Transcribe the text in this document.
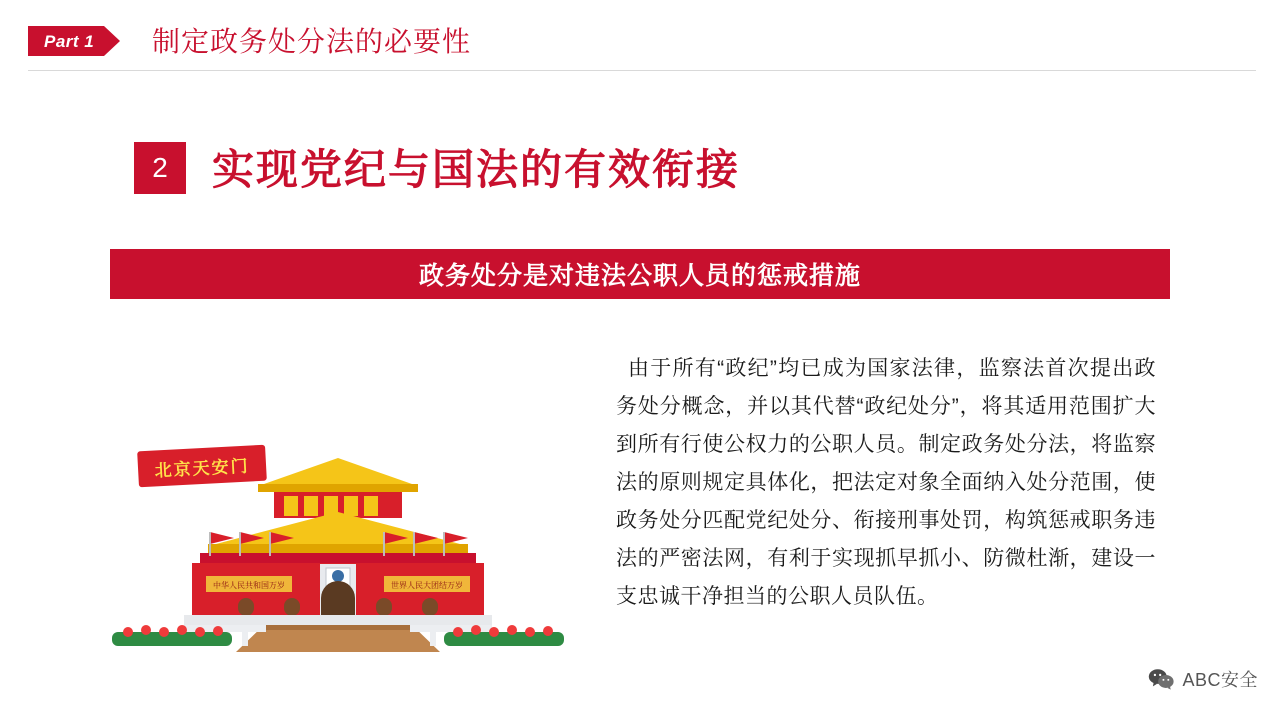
Part 1	制定政务处分法的必要性
2	实现党纪与国法的有效衔接
政务处分是对违法公职人员的惩戒措施
由于所有“政纪”均已成为国家法律，监察法首次提出政务处分概念，并以其代替“政纪处分”，将其适用范围扩大到所有行使公权力的公职人员。制定政务处分法，将监察法的原则规定具体化，把法定对象全面纳入处分范围，使政务处分匹配党纪处分、衔接刑事处罚，构筑惩戒职务违法的严密法网，有利于实现抓早抓小、防微杜渐，建设一支忠诚干净担当的公职人员队伍。
中华人民共和国万岁	世界人民大团结万岁
北京天安门
ABC安全
